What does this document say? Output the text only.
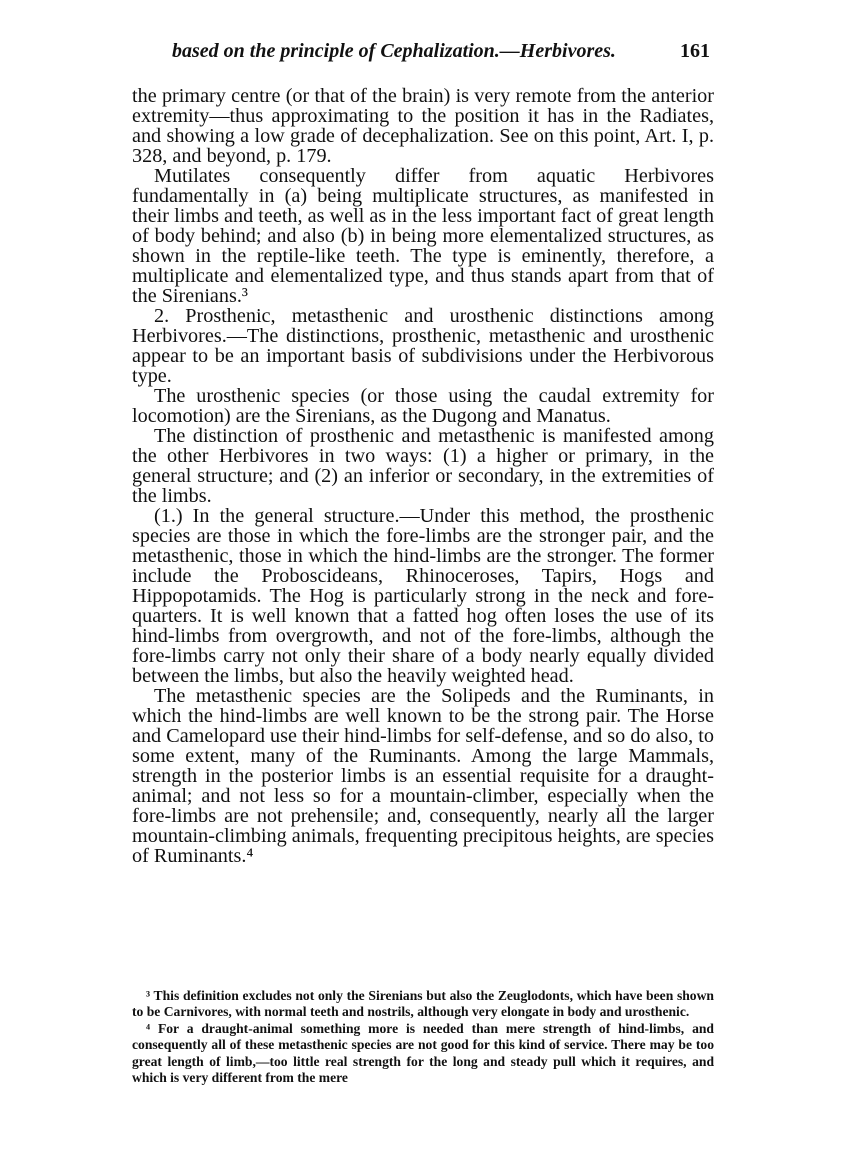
based on the principle of Cephalization.—Herbivores.	161

the primary centre (or that of the brain) is very remote from the anterior extremity—thus approximating to the position it has in the Radiates, and showing a low grade of decephalization. See on this point, Art. I, p. 328, and beyond, p. 179.

Mutilates consequently differ from aquatic Herbivores fundamentally in (a) being multiplicate structures, as manifested in their limbs and teeth, as well as in the less important fact of great length of body behind; and also (b) in being more elementalized structures, as shown in the reptile-like teeth. The type is eminently, therefore, a multiplicate and elementalized type, and thus stands apart from that of the Sirenians.³

2. Prosthenic, metasthenic and urosthenic distinctions among Herbivores.—The distinctions, prosthenic, metasthenic and urosthenic appear to be an important basis of subdivisions under the Herbivorous type.

The urosthenic species (or those using the caudal extremity for locomotion) are the Sirenians, as the Dugong and Manatus.

The distinction of prosthenic and metasthenic is manifested among the other Herbivores in two ways: (1) a higher or primary, in the general structure; and (2) an inferior or secondary, in the extremities of the limbs.

(1.) In the general structure.—Under this method, the prosthenic species are those in which the fore-limbs are the stronger pair, and the metasthenic, those in which the hind-limbs are the stronger. The former include the Proboscideans, Rhinoceroses, Tapirs, Hogs and Hippopotamids. The Hog is particularly strong in the neck and fore-quarters. It is well known that a fatted hog often loses the use of its hind-limbs from overgrowth, and not of the fore-limbs, although the fore-limbs carry not only their share of a body nearly equally divided between the limbs, but also the heavily weighted head.

The metasthenic species are the Solipeds and the Ruminants, in which the hind-limbs are well known to be the strong pair. The Horse and Camelopard use their hind-limbs for self-defense, and so do also, to some extent, many of the Ruminants. Among the large Mammals, strength in the posterior limbs is an essential requisite for a draught-animal; and not less so for a mountain-climber, especially when the fore-limbs are not prehensile; and, consequently, nearly all the larger mountain-climbing animals, frequenting precipitous heights, are species of Ruminants.⁴

³ This definition excludes not only the Sirenians but also the Zeuglodonts, which have been shown to be Carnivores, with normal teeth and nostrils, although very elongate in body and urosthenic.

⁴ For a draught-animal something more is needed than mere strength of hind-limbs, and consequently all of these metasthenic species are not good for this kind of service. There may be too great length of limb,—too little real strength for the long and steady pull which it requires, and which is very different from the mere
